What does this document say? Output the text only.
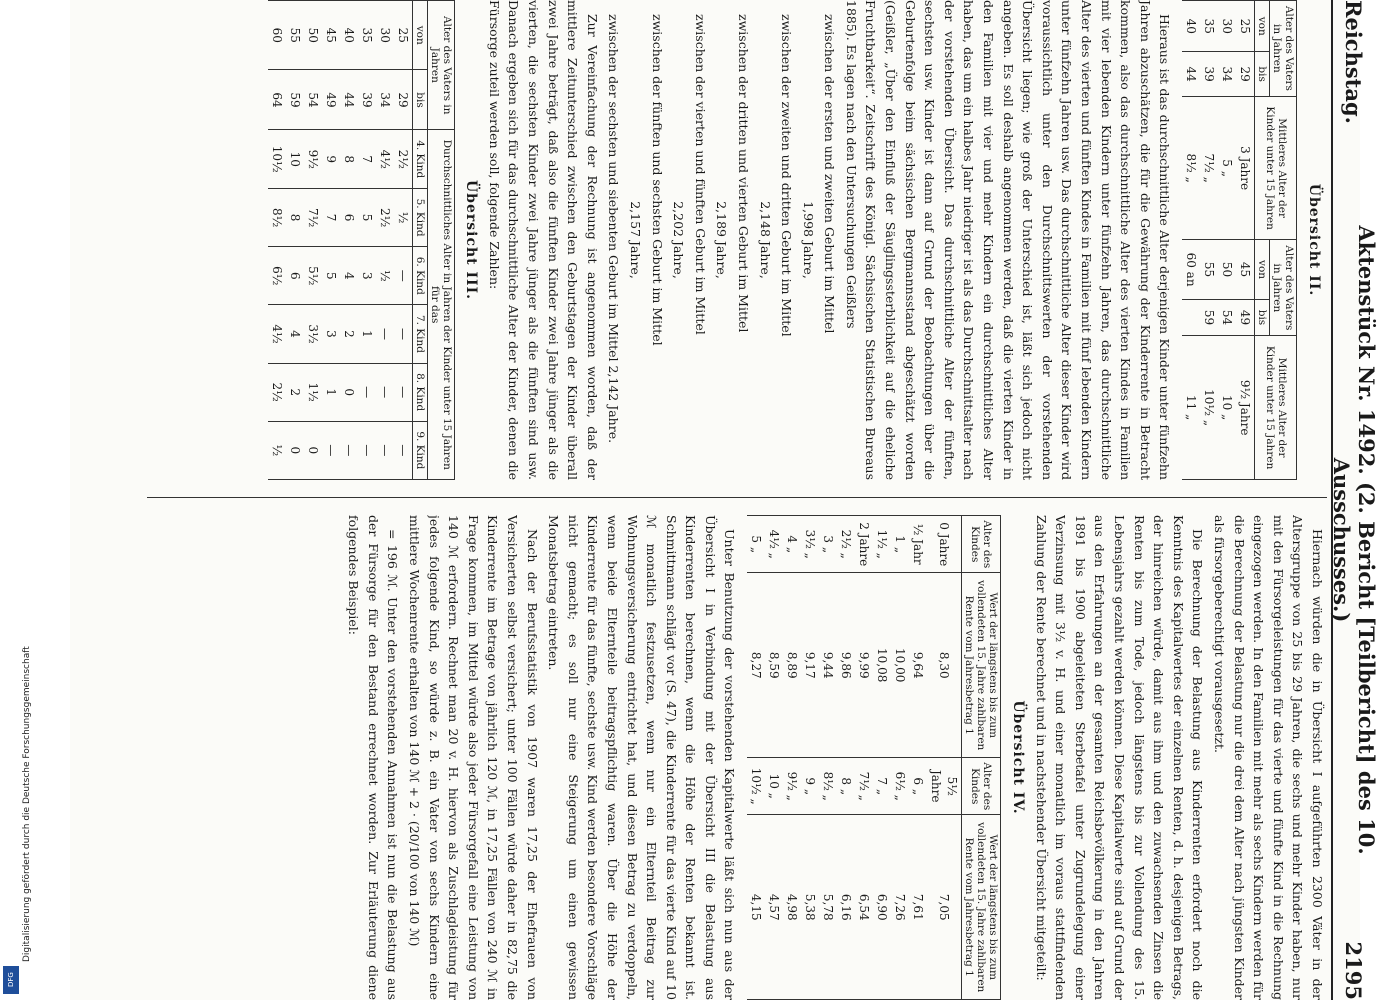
Digitalisierung gefördert durch die Deutsche Forschungsgemeinschaft
DFG
Reichstag.
Aktenstück Nr. 1492. (2. Bericht [Teilbericht] des 10. Ausschusses.)
2195
Übersicht II.
Alter des Vaters in Jahren		Mittleres Alter der Kinder unter 15 Jahren	Alter des Vaters in Jahren		Mittleres Alter der Kinder unter 15 Jahren
von	bis		von	bis	
25	29	3 Jahre	45	49	9½ Jahre
30	34	5 „	50	54	10 „
35	39	7½ „	55	59	10½ „
40	44	8½ „	60 an		11 „

Hieraus ist das durchschnittliche Alter derjenigen Kinder unter fünfzehn Jahren abzuschätzen, die für die Gewährung der Kinderrente in Betracht kommen, also das durchschnittliche Alter des vierten Kindes in Familien mit vier lebenden Kindern unter fünfzehn Jahren, das durchschnittliche Alter des vierten und fünften Kindes in Familien mit fünf lebenden Kindern unter fünfzehn Jahren usw. Das durchschnittliche Alter dieser Kinder wird voraussichtlich unter den Durchschnittswerten der vorstehenden Übersicht liegen; wie groß der Unterschied ist, läßt sich jedoch nicht angeben. Es soll deshalb angenommen werden, daß die vierten Kinder in den Familien mit vier und mehr Kindern ein durchschnittliches Alter haben, das um ein halbes Jahr niedriger ist als das Durchschnittsalter nach der vorstehenden Übersicht. Das durchschnittliche Alter der fünften, sechsten usw. Kinder ist dann auf Grund der Beobachtungen über die Geburtenfolge beim sächsischen Bergmannsstand abgeschätzt worden (Geißler, „Über den Einfluß der Säuglingssterblichkeit auf die eheliche Fruchtbarkeit“. Zeitschrift des Königl. Sächsischen Statistischen Bureaus 1885). Es lagen nach den Untersuchungen Geißlers

zwischen der ersten und zweiten Geburt im Mittel

1,998 Jahre,

zwischen der zweiten und dritten Geburt im Mittel

2,148 Jahre,

zwischen der dritten und vierten Geburt im Mittel

2,189 Jahre,

zwischen der vierten und fünften Geburt im Mittel

2,202 Jahre,

zwischen der fünften und sechsten Geburt im Mittel

2,157 Jahre,

zwischen der sechsten und siebenten Geburt im Mittel 2,142 Jahre.

Zur Vereinfachung der Rechnung ist angenommen worden, daß der mittlere Zeitunterschied zwischen den Geburtstagen der Kinder überall zwei Jahre beträgt, daß also die fünften Kinder zwei Jahre jünger als die vierten, die sechsten Kinder zwei Jahre jünger als die fünften sind usw. Danach ergeben sich für das durchschnittliche Alter der Kinder, denen die Fürsorge zuteil werden soll, folgende Zahlen:

Übersicht III.
Alter des Vaters in Jahren		Durchschnittliches Alter in Jahren der Kinder unter 15 Jahren für das					
von	bis	4. Kind	5. Kind	6. Kind	7. Kind	8. Kind	9. Kind
25	29	2½	½	—	—	—	—
30	34	4½	2½	½	—	—	—
35	39	7	5	3	1	—	—
40	44	8	6	4	2	0	—
45	49	9	7	5	3	1	—
50	54	9½	7½	5½	3½	1½	0
55	59	10	8	6	4	2	0
60	64	10½	8½	6½	4½	2½	½

Hiernach würden die in Übersicht I aufgeführten 2300 Väter in der Altersgruppe von 25 bis 29 Jahren, die sechs und mehr Kinder haben, nur mit den Fürsorgeleistungen für das vierte und fünfte Kind in die Rechnung eingezogen werden. In den Familien mit mehr als sechs Kindern werden für die Berechnung der Belastung nur die drei dem Alter nach jüngsten Kinder als fürsorgeberechtigt vorausgesetzt.

Die Berechnung der Belastung aus Kinderrenten erfordert noch die Kenntnis des Kapitalwertes der einzelnen Renten, d. h. desjenigen Betrags, der hinreichen würde, damit aus ihm und den zuwachsenden Zinsen die Renten bis zum Tode, jedoch längstens bis zur Vollendung des 15. Lebensjahrs gezahlt werden können. Diese Kapitalwerte sind auf Grund der aus den Erfahrungen an der gesamten Reichsbevölkerung in den Jahren 1891 bis 1900 abgeleiteten Sterbetafel unter Zugrundelegung einer Verzinsung mit 3½ v. H. und einer monatlich im voraus stattfindenden Zahlung der Rente berechnet und in nachstehender Übersicht mitgeteilt:

Übersicht IV.
Alter des Kindes	Wert der längstens bis zum vollendeten 15. Jahre zahlbaren Rente vom Jahresbetrag 1	Alter des Kindes	Wert der längstens bis zum vollendeten 15. Jahre zahlbaren Rente vom Jahresbetrag 1
0 Jahre	8,30	5½ Jahre	7,05
½ Jahr	9,64	6 „	7,61
1 „	10,00	6½ „	7,26
1½ „	10,08	7 „	6,90
2 Jahre	9,99	7½ „	6,54
2½ „	9,86	8 „	6,16
3 „	9,44	8½ „	5,78
3½ „	9,17	9 „	5,38
4 „	8,89	9½ „	4,98
4½ „	8,59	10 „	4,57
5 „	8,27	10½ „	4,15

Unter Benutzung der vorstehenden Kapitalwerte läßt sich nun aus der Übersicht I in Verbindung mit der Übersicht III die Belastung aus Kinderrenten berechnen, wenn die Höhe der Renten bekannt ist. Schmittmann schlägt vor (S. 47), die Kinderrente für das vierte Kind auf 10 ℳ monatlich festzusetzen, wenn nur ein Elternteil Beitrag zur Wohnungsversicherung entrichtet hat, und diesen Betrag zu verdoppeln, wenn beide Elternteile beitragspflichtig waren. Über die Höhe der Kinderrente für das fünfte, sechste usw. Kind werden besondere Vorschläge nicht gemacht; es soll nur eine Steigerung um einen gewissen Monatsbetrag eintreten.

Nach der Berufsstatistik von 1907 waren 17,25 der Ehefrauen von Versicherten selbst versichert; unter 100 Fällen würde daher in 82,75 die Kinderrente im Betrage von jährlich 120 ℳ, in 17,25 Fällen von 240 ℳ in Frage kommen, im Mittel würde also jeder Fürsorgefall eine Leistung von 140 ℳ erfordern. Rechnet man 20 v. H. hiervon als Zuschlagleistung für jedes folgende Kind, so würde z. B. ein Vater von sechs Kindern eine mittlere Wochenrente erhalten von 140 ℳ + 2 · (20/100 von 140 ℳ)

= 196 ℳ. Unter den vorstehenden Annahmen ist nun die Belastung aus der Fürsorge für den Bestand errechnet worden. Zur Erläuterung diene folgendes Beispiel:
